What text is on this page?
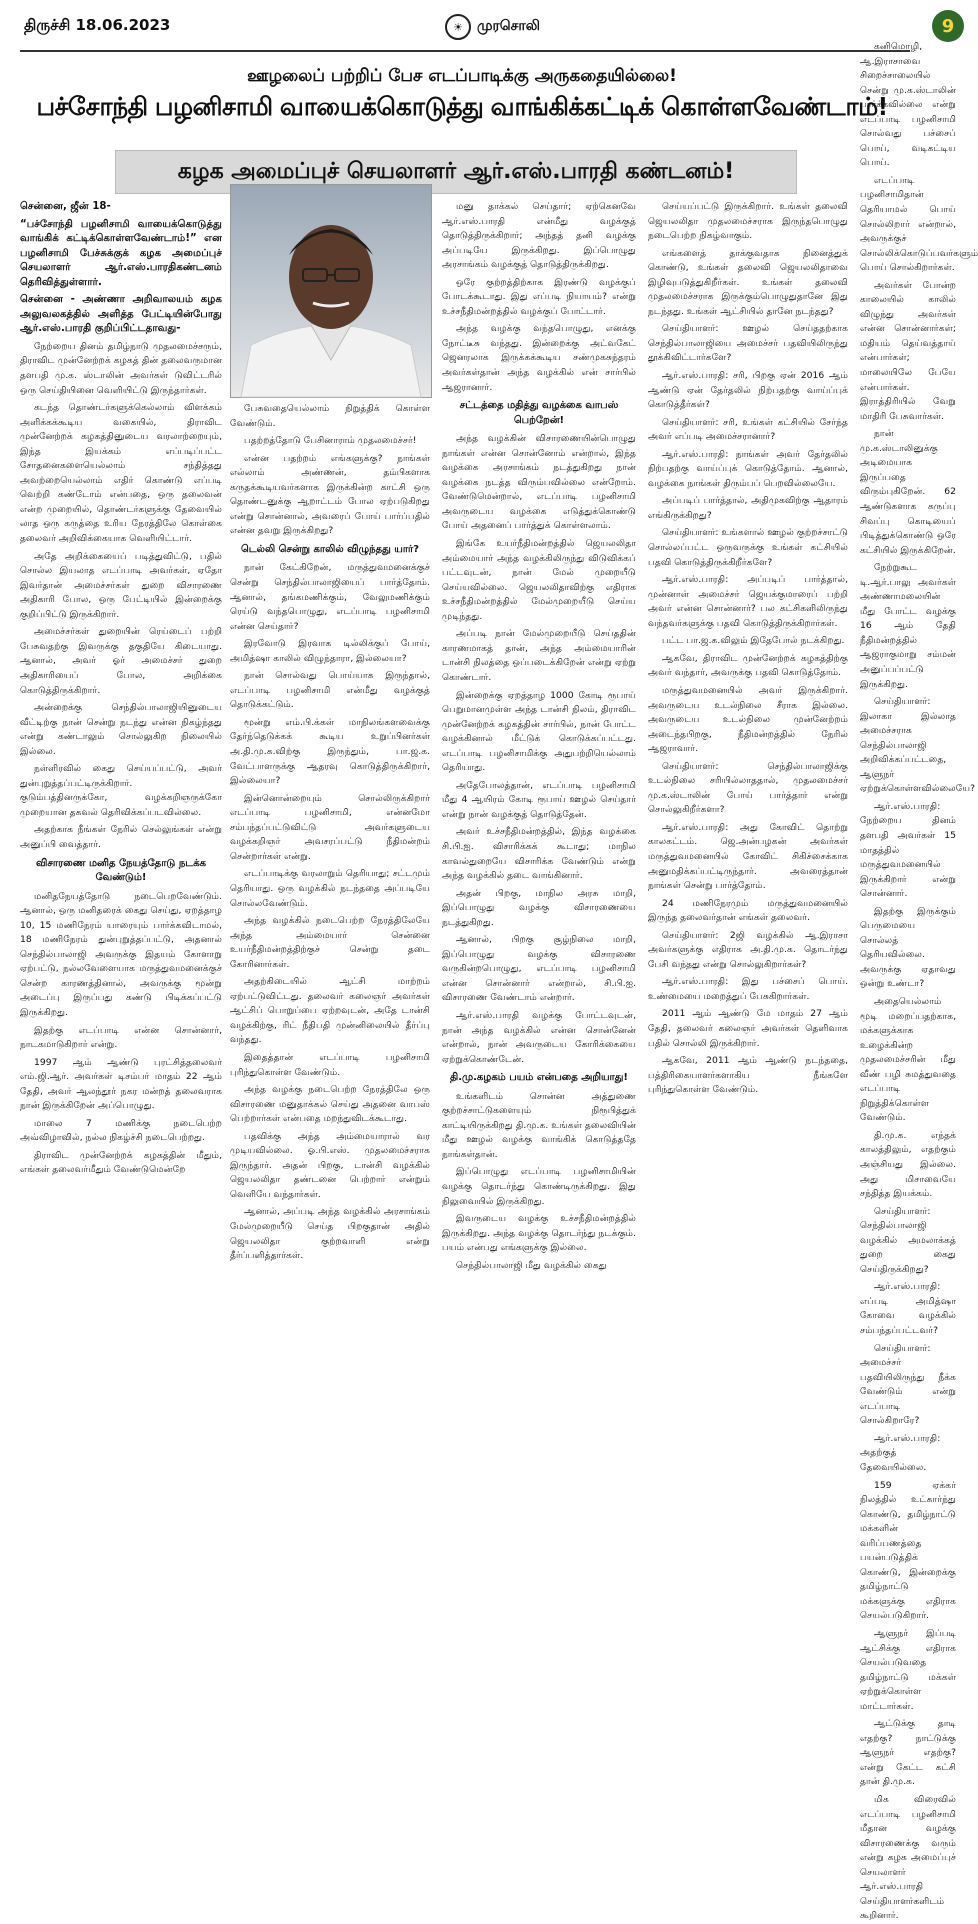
திருச்சி 18.06.2023	☀	முரசொலி	9
ஊழலைப் பற்றிப் பேச எடப்பாடிக்கு அருகதையில்லை!
பச்சோந்தி பழனிசாமி வாயைக்கொடுத்து வாங்கிக்கட்டிக் கொள்ளவேண்டாம்!
கழக அமைப்புச் செயலாளர் ஆர்.எஸ்.பாரதி கண்டனம்!

சென்னை, ஜீன் 18-

“பச்சோந்தி பழனிசாமி வாயைக்கொடுத்து வாங்கிக் கட்டிக்கொள்ளவேண்டாம்!” என பழனிசாமி பேச்சுக்குக் கழக அமைப்புச் செயலாளர் ஆர்.எஸ்.பாரதிகண்டனம் தெரிவித்துள்ளார்.

சென்னை - அண்ணா அறிவாலயம் கழக அலுவலகத்தில் அளித்த பேட்டியின்போது ஆர்.எஸ்.பாரதி குறிப்பிட்டதாவது-

நேற்றைய தினம் தமிழ்நாடு முதலமைச்சரும், திராவிட முன்னேற்றக் கழகத் தின் தலைவருமான தளபதி மு.க. ஸ்டாலின் அவர்கள் டுவிட்டரில் ஒரு செய்தியினை வெளியிட்டு இருந்தார்கள்.

கடந்த தொண்டர்களுக்கெல்லாம் விளக்கம் அளிக்கக்கூடிய வகையில், திராவிட முன்னேற்றக் கழகத்தினுடைய வரலாற்றையும், இந்த இயக்கம் எப்படிப்பட்ட சோதனைகளையெல்லாம் சந்தித்தது அவற்றையெல்லாம் எதிர் கொண்டு எப்படி வெற்றி கண்டோம் என்பதை, ஒரு தலைவன் என்ற முறையில், தொண்டர்களுக்கு தேவையில் லாத ஒரு கருத்தை உரிய நேரத்திலே கொள்கை தலைவர் அறிவிக்கையாக வெளியிட்டார்.

அதே அறிக்கையைப் படித்துவிட்டு, பதில் சொல்ல இயலாத எடப்பாடி அவர்கள், ஏதோ இவர்தான் அமைச்சர்கள் துறை விசாரணை அதிகாரி போல, ஒரு பேட்டியில் இன்றைக்கு குறிப்பிட்டு இருக்கிறார்.

அமைச்சர்கள் துறையின் ரெய்டைப் பற்றி பேசுவதற்கு இவருக்கு தகுதியே கிடையாது. ஆனால், அவர் ஓர் அமைச்சர் துறை அதிகாரியைப் போல, அறிக்கை கொடுத்திருக்கிறார்.

அன்றைக்கு செந்தில்பாலாஜியினுடைய வீட்டிற்கு நான் சென்று நடந்து என்ன நிகழ்ந்தது என்று கண்டாலும் சொல்லுகிற நிலையில் இல்லை.

நள்ளிரவில் கைது செய்யப்பட்டு, அவர் துன்புறுத்தப்பட்டிருக்கிறார். குடும்பத்தினருக்கோ, வழக்கறிஞருக்கோ முறையான தகவல் தெரிவிக்கப்படவில்லை.

அதற்காக நீங்கள் நேரில் செல்லுங்கள் என்று அனுப்பி வைத்தார்.

விசாரணை மனித நேயத்தோடு நடக்க வேண்டும்!

மனிதநேயத்தோடு நடைபெறவேண்டும். ஆனால், ஒரு மனிதரைக் கைது செய்து, ஏறத்தாழ 10, 15 மணிநேரம் யாரையும் பார்க்கவிடாமல், 18 மணிநேரம் துன்புறுத்தப்பட்டு, அதனால் செந்தில்பாலாஜி அவருக்கு இதயம் கோளாறு ஏற்பட்டு, நல்லவேளையாக மருத்துவமனைக்குச் சென்ற காரணத்தினால், அவருக்கு மூன்று அடைப்பு இருப்பது கண்டு பிடிக்கப்பட்டு இருக்கிறது.

இதற்கு எடப்பாடி என்ன சொன்னார், நாடகமாடுகிறார் என்று.

1997 ஆம் ஆண்டு புரட்சித்தலைவர் எம்.ஜி.ஆர். அவர்கள் டிசம்பர் மாதம் 22 ஆம் தேதி, அவர் ஆலந்தூர் நகர மன்றத் தலைவராக நான் இருக்கிறேன் அப்பொழுது.

மாலை 7 மணிக்கு நடைபெற்ற அவ்விழாவில், நல்ல நிகழ்ச்சி நடைபெற்றது.

திராவிட முன்னேற்றக் கழகத்தின் மீதும், எங்கள் தலைவர்மீதும் வேண்டுமென்றே

பேசுவதையெல்லாம் நிறுத்திக் கொள்ள வேண்டும்.

பதற்றத்தோடு பேசினாராம் முதலமைச்சர்!

என்ன பதற்றம் எங்களுக்கு? நாங்கள் எல்லாம் அண்ணன், தம்பிகளாக கருதக்கூடியவர்களாக இருக்கின்ற காட்சி ஒரு தொண்டனுக்கு ஆறாட்டம் போல ஏற்படுகிறது என்று சொன்னால், அவரைப் போய் பார்ப்பதில் என்ன தவறு இருக்கிறது?

டெல்லி சென்று காலில் விழுந்தது யார்?

நான் கேட்கிறேன், மருத்துவமனைக்குச் சென்று செந்தில்பாலாஜியைப் பார்த்தோம். ஆனால், தங்கமணிக்கும், வேலுமணிக்கும் ரெய்டு வந்தபொழுது, எடப்பாடி பழனிசாமி என்ன செய்தார்?

இரவோடு இரவாக டில்லிக்குப் போய், அமித்ஷா காலில் விழுந்தாரா, இல்லையா?

நான் சொல்வது பொய்யாக இருந்தால், எடப்பாடி பழனிசாமி என்மீது வழக்குத் தொடுக்கட்டும்.

மூன்று எம்.பி.க்கள் மாநிலங்களவைக்கு தேர்ந்தெடுக்கக் கூடிய உறுப்பினர்கள் அ.தி.மு.க.விற்கு இருந்தும், பா.ஜ.க. வேட்பாளருக்கு ஆதரவு கொடுத்திருக்கிறார், இல்லையா?

இன்னொன்றையும் சொல்லிருக்கிறார் எடப்பாடி பழனிசாமி, என்னமோ சம்பந்தப்பட்டுவிட்டு அவர்களுடைய வழக்கறிஞர் அவசரப்பட்டு நீதிமன்றம் சென்றார்கள் என்று.

எடப்பாடிக்கு வரலாறும் தெரியாது; சட்டமும் தெரியாது. ஒரு வழக்கில் நடந்ததை அப்படியே சொல்லவேண்டும்.

அந்த வழக்கில் நடைபெற்ற நேரத்திலேயே அந்த அம்மையார் சென்னை உயர்நீதிமன்றத்திற்குச் சென்று தடை கோரினார்கள்.

அதற்கிடையில் ஆட்சி மாற்றம் ஏற்பட்டுவிட்டது. தலைவர் கலைஞர் அவர்கள் ஆட்சிப் பொறுப்பை ஏற்றவுடன், அதே டான்சி வழக்கிற்கு, ரிட் நீதிபதி முன்னிலையில் தீர்ப்பு வந்தது.

இதைத்தான் எடப்பாடி பழனிசாமி புரிந்துகொள்ள வேண்டும்.

அந்த வழக்கு நடைபெற்ற நேரத்திலே ஒரு விசாரணை மனுதாக்கல் செய்து அதனை வாபஸ் பெற்றார்கள் என்பதை மறந்துவிடக்கூடாது.

பதவிக்கு அந்த அம்மையாரால் வர முடியவில்லை. ஓ.பி.எஸ். முதலமைச்சராக இருந்தார். அதன் பிறகு, டான்சி வழக்கில் ஜெயலலிதா தண்டனை பெற்றார் என்றும் வெளியே வந்தார்கள்.

ஆனால், அப்படி அந்த வழக்கில் அரசாங்கம் மேல்முறையீடு செய்த பிறகுதான் அதில் ஜெயலலிதா குற்றவாளி என்று தீர்ப்பளித்தார்கள்.

மனு தாக்கல் செய்தார்; ஏற்கெனவே ஆர்.எஸ்.பாரதி என்மீது வழக்குத் தொடுத்திருக்கிறார்; அந்தத் தனி வழக்கு அப்படியே இருக்கிறது. இப்பொழுது அரசாங்கம் வழக்குத் தொடுத்திருக்கிறது.

ஒரே குற்றத்திற்காக இரண்டு வழக்குப் போடக்கூடாது. இது எப்படி நியாயம்? என்று உச்சநீதிமன்றத்தில் வழக்குப் போட்டார்.

அந்த வழக்கு வந்தபொழுது, எனக்கு நோட்டீசு வந்தது. இன்றைக்கு அட்வகேட் ஜெனரலாக இருக்கக்கூடிய சண்முகசுந்தரம் அவர்கள்தான் அந்த வழக்கில் என் சார்பில் ஆஜரானார்.

சட்டத்தை மதித்து வழக்கை வாபஸ் பெற்றேன்!

அந்த வழக்கின் விசாரணையின்பொழுது நாங்கள் என்ன சொன்னோம் என்றால், இந்த வழக்கை அரசாங்கம் நடத்துகிறது நான் வழக்கை நடத்த விரும்பவில்லை என்றோம். வேண்டுமென்றால், எடப்பாடி பழனிசாமி அவருடைய வழக்கை எடுத்துக்கொண்டு போய் அதனைப் பார்த்துக் கொள்ளலாம்.

இங்கே உயர்நீதிமன்றத்தில் ஜெயலலிதா அம்மையார் அந்த வழக்கிலிருந்து விடுவிக்கப் பட்டவுடன், நான் மேல் முறையீடு செய்யவில்லை. ஜெயலலிதாவிற்கு எதிராக உச்சநீதிமன்றத்தில் மேல்முறையீடு செய்ய முடிந்தது.

அப்படி நான் மேல்முறையீடு செய்ததின் காரணமாகத் தான், அந்த அம்மையாரின் டான்சி நிலத்தை ஒப்படைக்கிறேன் என்று ஏற்று கொண்டார்.

இன்றைக்கு ஏறத்தாழ 1000 கோடி ரூபாய் பெறுமானமுள்ள அந்த டான்சி நிலம், திராவிட முன்னேற்றக் கழகத்தின் சார்பில், நான் போட்ட வழக்கினால் மீட்டுக் கொடுக்கப்பட்டது. எடப்பாடி பழனிசாமிக்கு அதுபற்றியெல்லாம் தெரியாது.

அதேபோலத்தான், எடப்பாடி பழனிசாமி மீது 4 ஆயிரம் கோடி ரூபாய் ஊழல் செய்தார் என்று நான் வழக்குத் தொடுத்தேன்.

அவர் உச்சநீதிமன்றத்தில், இந்த வழக்கை சி.பி.ஐ. விசாரிக்கக் கூடாது; மாநில காவல்துறையே விசாரிக்க வேண்டும் என்று அந்த வழக்கில் தடை வாங்கினார்.

அதன் பிறகு, மாநில அரசு மாறி, இப்பொழுது வழக்கு விசாரணையை நடத்துகிறது.

ஆனால், பிறகு சூழ்நிலை மாறி, இப்பொழுது வழக்கு விசாரணை வருகின்றபொழுது, எடப்பாடி பழனிசாமி என்ன சொன்னார் என்றால், சி.பி.ஐ. விசாரணை வேண்டாம் என்றார்.

ஆர்.எஸ்.பாரதி வழக்கு போட்டவுடன், நான் அந்த வழக்கில் என்ன சொன்னேன் என்றால், நான் அவருடைய கோரிக்கையை ஏற்றுக்கொண்டேன்.

தி.மு.கழகம் பயம் என்பதை அறியாது!

உங்களிடம் சொன்ன அத்துணை குற்றச்சாட்டுகளையும் நிரூபித்துக் காட்டியிருக்கிறது தி.மு.க. உங்கள் தலைவியின் மீது ஊழல் வழக்கு வாங்கிக் கொடுத்ததே நாங்கள்தான்.

இப்பொழுது எடப்பாடி பழனிசாமியின் வழக்கு தொடர்ந்து கொண்டிருக்கிறது. இது நிலுவையில் இருக்கிறது.

இவருடைய வழக்கு உச்சநீதிமன்றத்தில் இருக்கிறது. அந்த வழக்கு தொடர்ந்து நடக்கும். பயம் என்பது எங்களுக்கு இல்லை.

செந்தில்பாலாஜி மீது வழக்கில் கைது

செய்யப்பட்டு இருக்கிறார். உங்கள் தலைவி ஜெயலலிதா முதலமைச்சராக இருந்தபொழுது நடைபெற்ற நிகழ்வாகும்.

எங்களைத் தாக்குவதாக நினைத்துக் கொண்டு, உங்கள் தலைவி ஜெயலலிதாவை இழிவுபடுத்துகிறீர்கள். உங்கள் தலைவி முதலமைச்சராக இருக்கும்பொழுதுதானே இது நடந்தது. உங்கள் ஆட்சியில் தானே நடந்தது?

செய்தியாளர்: ஊழல் செய்ததற்காக செந்தில்பாலாஜியை அமைச்சர் பதவியிலிருந்து தூக்கிவிட்டார்களே?

ஆர்.எஸ்.பாரதி: சரி, பிறகு ஏன் 2016 ஆம் ஆண்டு ஏன் தேர்தலில் நிற்பதற்கு வாய்ப்புக் கொடுத்தீர்கள்?

செய்தியாளர்: சரி, உங்கள் கட்சியில் சேர்ந்த அவர் எப்படி அமைச்சரானார்?

ஆர்.எஸ்.பாரதி: நாங்கள் அவர் தேர்தலில் நிற்பதற்கு வாய்ப்புக் கொடுத்தோம். ஆனால், வழக்கை நாங்கள் திரும்பப் பெறவில்லையே.

அப்படிப் பார்த்தால், அதிமுகவிற்கு ஆதாரம் எங்கிருக்கிறது?

செய்தியாளர்: உங்களால் ஊழல் குற்றச்சாட்டு சொல்லப்பட்ட ஒருவருக்கு உங்கள் கட்சியில் பதவி கொடுத்திருக்கிறீர்களே?

ஆர்.எஸ்.பாரதி: அப்படிப் பார்த்தால், முன்னாள் அமைச்சர் ஜெயக்குமாரைப் பற்றி அவர் என்ன சொன்னார்? பல கட்சிகளிலிருந்து வந்தவர்களுக்கு பதவி கொடுத்திருக்கிறார்கள்.

பட்ட பா.ஜ.க.விலும் இதேபோல் நடக்கிறது.

ஆகவே, திராவிட முன்னேற்றக் கழகத்திற்கு அவர் வந்தார், அவருக்கு பதவி கொடுத்தோம்.

மருத்துவமனையில் அவர் இருக்கிறார். அவருடைய உடல்நிலை சீராக இல்லை. அவருடைய உடல்நிலை முன்னேற்றம் அடைந்தபிறகு, நீதிமன்றத்தில் நேரில் ஆஜராவார்.

செய்தியாளர்: செந்தில்பாலாஜிக்கு உடல்நிலை சரியில்லாததால், முதலமைச்சர் மு.க.ஸ்டாலின் போய் பார்த்தார் என்று சொல்லுகிறீர்களா?

ஆர்.எஸ்.பாரதி: அது கோவிட் தொற்று காலகட்டம். ஜெ.அன்பழகன் அவர்கள் மருத்துவமனையில் கோவிட் சிகிச்சைக்காக அனுமதிக்கப்பட்டிருந்தார். அவரைத்தான் நாங்கள் சென்று பார்த்தோம்.

24 மணிநேரமும் மருத்துவமனையில் இருந்த தலைவர்தான் எங்கள் தலைவர்.

செய்தியாளர்: 2ஜி வழக்கில் ஆ.இராசா அவர்களுக்கு எதிராக அ.தி.மு.க. தொடர்ந்து பேசி வந்தது என்று சொல்லுகிறார்கள்?

ஆர்.எஸ்.பாரதி: இது பச்சைப் பொய். உண்மையை மறைத்துப் பேசுகிறார்கள்.

2011 ஆம் ஆண்டு மே மாதம் 27 ஆம் தேதி, தலைவர் கலைஞர் அவர்கள் தெளிவாக பதில் சொல்லி இருக்கிறார்.

ஆகவே, 2011 ஆம் ஆண்டு நடந்ததை, பத்திரிகையாளர்களாகிய நீங்களே புரிந்துகொள்ள வேண்டும்.

கனிமொழி, ஆ.இராசாவை சிறைச்சாலையில் சென்று மு.க.ஸ்டாலின் பார்க்கவில்லை என்று எடப்பாடி பழனிசாமி சொல்வது பச்சைப் பொய், வடிகட்டிய பொய்.

எடப்பாடி பழனிசாமிதான் தெரியாமல் பொய் சொல்லிறார் என்றால், அவருக்குச் சொல்லிக்கொடுப்பவர்களும் பொய் சொல்கிறார்கள்.

அவர்கள் போன்ற காலையில் காலில் விழுந்து அவர்கள் என்ன சொன்னார்கள்; மதியம் தெய்வத்தாய் என்பார்கள்; மாலையிலே பேயே என்பார்கள். இராத்திரியில் வேறு மாதிரி பேசுவார்கள்.

நான் மு.க.ஸ்டாலினுக்கு அடிமையாக இருப்பதை விரும்புகிறேன். 62 ஆண்டுகளாக கருப்பு சிவப்பு கொடியைப் பிடித்துக்கொண்டு ஒரே கட்சியில் இருக்கிறேன்.

நேற்றுகூட டி.ஆர்.பாலு அவர்கள் அண்ணாமலையின் மீது போட்ட வழக்கு 16 ஆம் தேதி நீதிமன்றத்தில் ஆஜராகுமாறு சம்மன் அனுப்பப்பட்டு இருக்கிறது.

செய்தியாளர்: இலாகா இல்லாத அமைச்சராக செந்தில்பாலாஜி அறிவிக்கப்பட்டதை, ஆளுநர் ஏற்றுக்கொள்ளவில்லையே?

ஆர்.எஸ்.பாரதி: நேற்றைய தினம் தளபதி அவர்கள் 15 மாதத்தில் மருத்துவமனையில் இருக்கிறார் என்று சொன்னார்.

இதற்கு இருக்கும் பெருமையை சொல்லத் தெரியவில்லை. அவருக்கு ஏதாவது ஒன்று உண்டா?

அதையெல்லாம் மூடி மறைப்பதற்காக, மக்களுக்காக உழைக்கின்ற முதலமைச்சரின் மீது வீண் பழி சுமத்துவதை எடப்பாடி நிறுத்திக்கொள்ள வேண்டும்.

தி.மு.க. எந்தக் காலத்திலும், எதற்கும் அஞ்சியது இல்லை. அது மிசாவையே சந்தித்த இயக்கம்.

செய்தியாளர்: செந்தில்பாலாஜி வழக்கில் அமலாக்கத் துறை கைது செய்திருக்கிறது?

ஆர்.எஸ்.பாரதி: எப்படி அமித்ஷா கோவை வழக்கில் சம்பந்தப்பட்டவர்?

செய்தியாளர்: அமைச்சர் பதவியிலிருந்து நீக்க வேண்டும் என்று எடப்பாடி சொல்கிறாரே?

ஆர்.எஸ்.பாரதி: அதற்குத் தேவையில்லை.

159 ஏக்கர் நிலத்தில் உட்கார்ந்து கொண்டு, தமிழ்நாட்டு மக்களின் வரிப்பணத்தை பயன்படுத்திக் கொண்டு, இன்றைக்கு தமிழ்நாட்டு மக்களுக்கு எதிராக செயல்படுகிறார்.

ஆளுநர் இப்படி ஆட்சிக்கு எதிராக செயல்படுவதை தமிழ்நாட்டு மக்கள் ஏற்றுக்கொள்ள மாட்டார்கள்.

ஆட்டுக்கு தாடி எதற்கு? நாட்டுக்கு ஆளுநர் எதற்கு? என்று கேட்ட கட்சி தான் தி.மு.க.

மிக விரைவில் எடப்பாடி பழனிசாமி மீதான வழக்கு விசாரணைக்கு வரும் என்று கழக அமைப்புச் செயலாளர் ஆர்.எஸ்.பாரதி செய்தியாளர்களிடம் கூறினார்.
